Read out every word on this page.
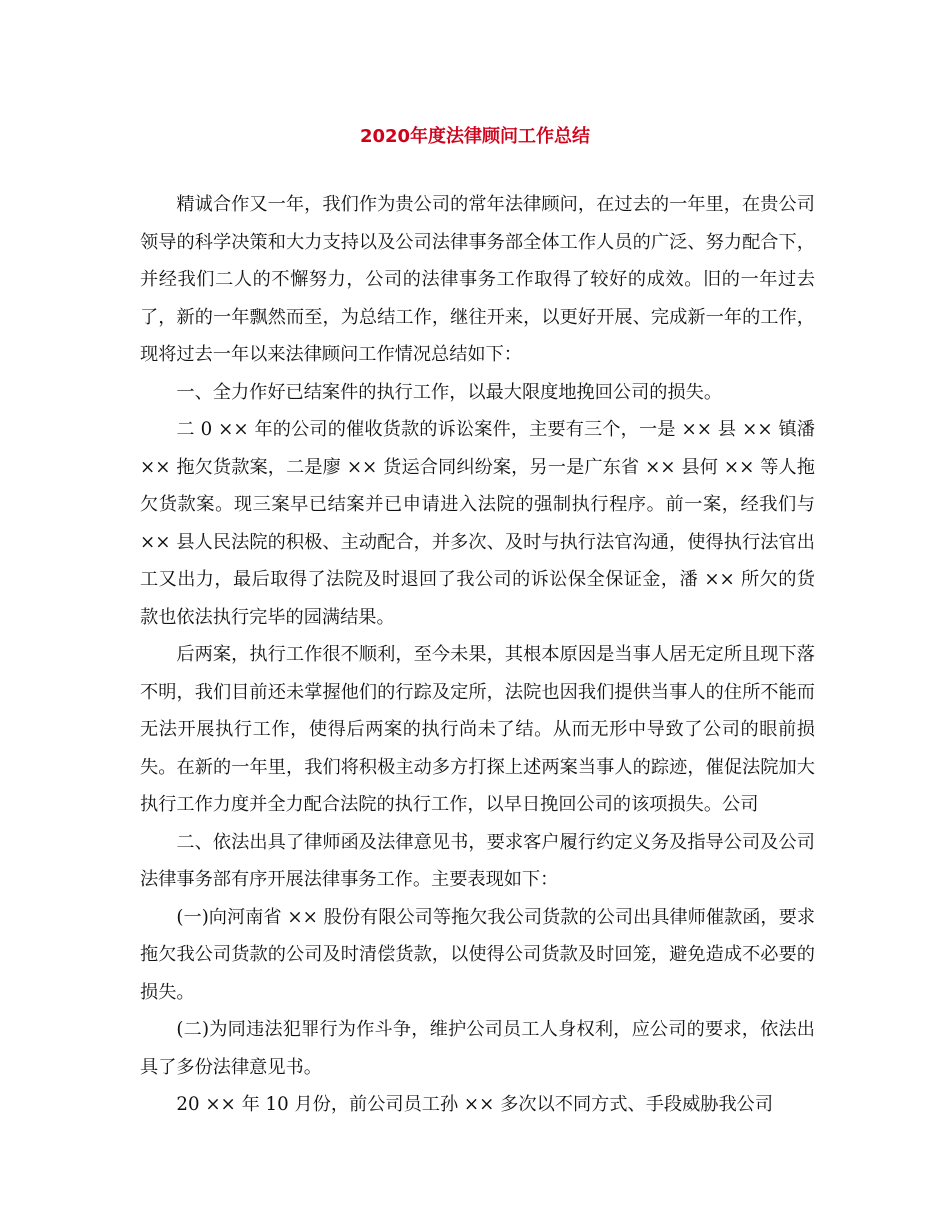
2020年度法律顾问工作总结

精诚合作又一年，我们作为贵公司的常年法律顾问，在过去的一年里，在贵公司领导的科学决策和大力支持以及公司法律事务部全体工作人员的广泛、努力配合下，并经我们二人的不懈努力，公司的法律事务工作取得了较好的成效。旧的一年过去了，新的一年飘然而至，为总结工作，继往开来，以更好开展、完成新一年的工作，现将过去一年以来法律顾问工作情况总结如下：

一、全力作好已结案件的执行工作，以最大限度地挽回公司的损失。

二 0 ×× 年的公司的催收货款的诉讼案件，主要有三个，一是 ×× 县 ×× 镇潘 ×× 拖欠货款案，二是廖 ×× 货运合同纠纷案，另一是广东省 ×× 县何 ×× 等人拖欠货款案。现三案早已结案并已申请进入法院的强制执行程序。前一案，经我们与 ×× 县人民法院的积极、主动配合，并多次、及时与执行法官沟通，使得执行法官出工又出力，最后取得了法院及时退回了我公司的诉讼保全保证金，潘 ×× 所欠的货款也依法执行完毕的园满结果。

后两案，执行工作很不顺利，至今未果，其根本原因是当事人居无定所且现下落不明，我们目前还未掌握他们的行踪及定所，法院也因我们提供当事人的住所不能而无法开展执行工作，使得后两案的执行尚未了结。从而无形中导致了公司的眼前损失。在新的一年里，我们将积极主动多方打探上述两案当事人的踪迹，催促法院加大执行工作力度并全力配合法院的执行工作，以早日挽回公司的该项损失。公司

二、依法出具了律师函及法律意见书，要求客户履行约定义务及指导公司及公司法律事务部有序开展法律事务工作。主要表现如下：

(一)向河南省 ×× 股份有限公司等拖欠我公司货款的公司出具律师催款函，要求拖欠我公司货款的公司及时清偿货款，以使得公司货款及时回笼，避免造成不必要的损失。

(二)为同违法犯罪行为作斗争，维护公司员工人身权利，应公司的要求，依法出具了多份法律意见书。

20 ×× 年 10 月份，前公司员工孙 ×× 多次以不同方式、手段威胁我公司
